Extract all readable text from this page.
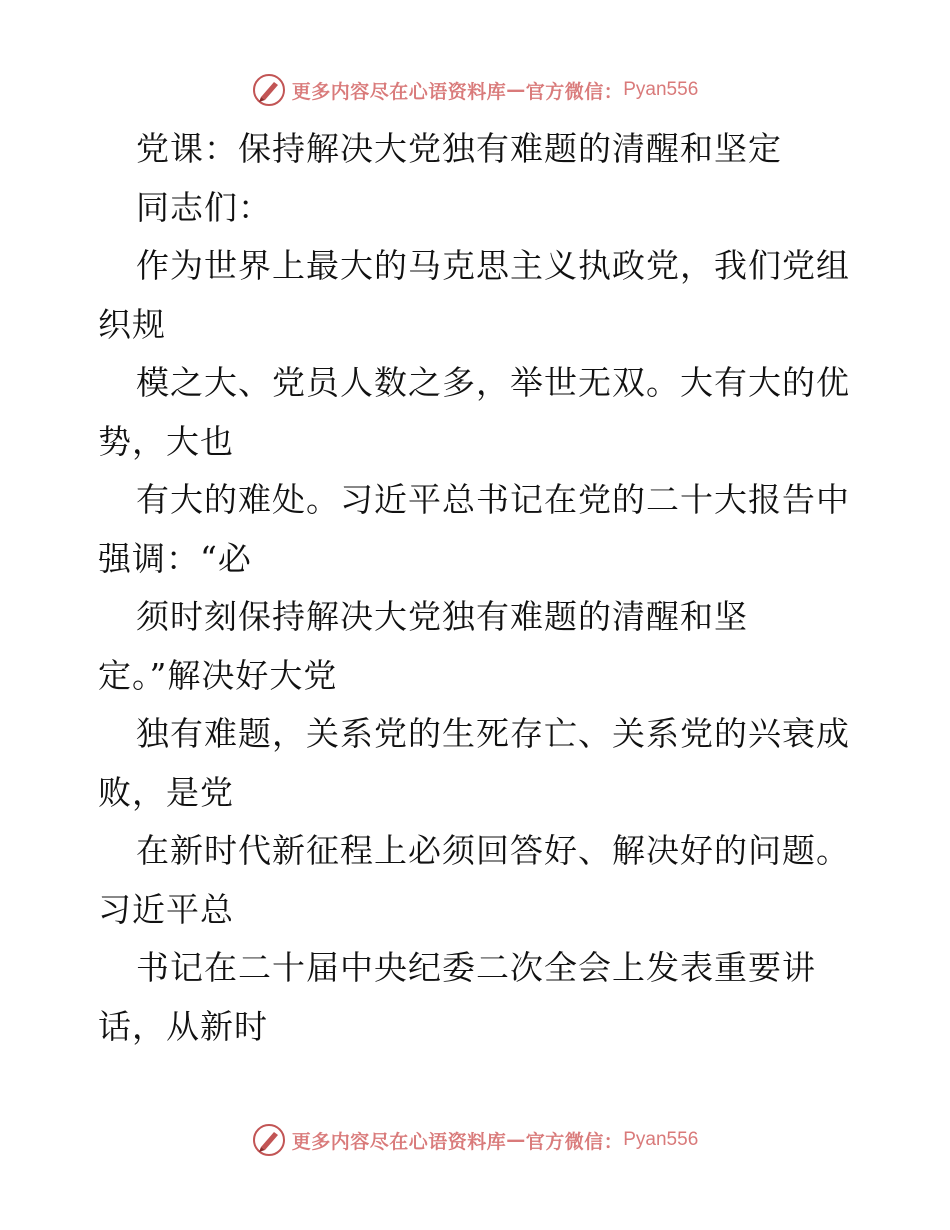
更多内容尽在心语资料库 — 官方微信： Pyan556
党课：保持解决大党独有难题的清醒和坚定
同志们：
作为世界上最大的马克思主义执政党，我们党组
织规
模之大、党员人数之多，举世无双。大有大的优
势，大也
有大的难处。习近平总书记在党的二十大报告中
强调：“必
须时刻保持解决大党独有难题的清醒和坚
定。”解决好大党
独有难题，关系党的生死存亡、关系党的兴衰成
败，是党
在新时代新征程上必须回答好、解决好的问题。
习近平总
书记在二十届中央纪委二次全会上发表重要讲
话，从新时
更多内容尽在心语资料库 — 官方微信： Pyan556
